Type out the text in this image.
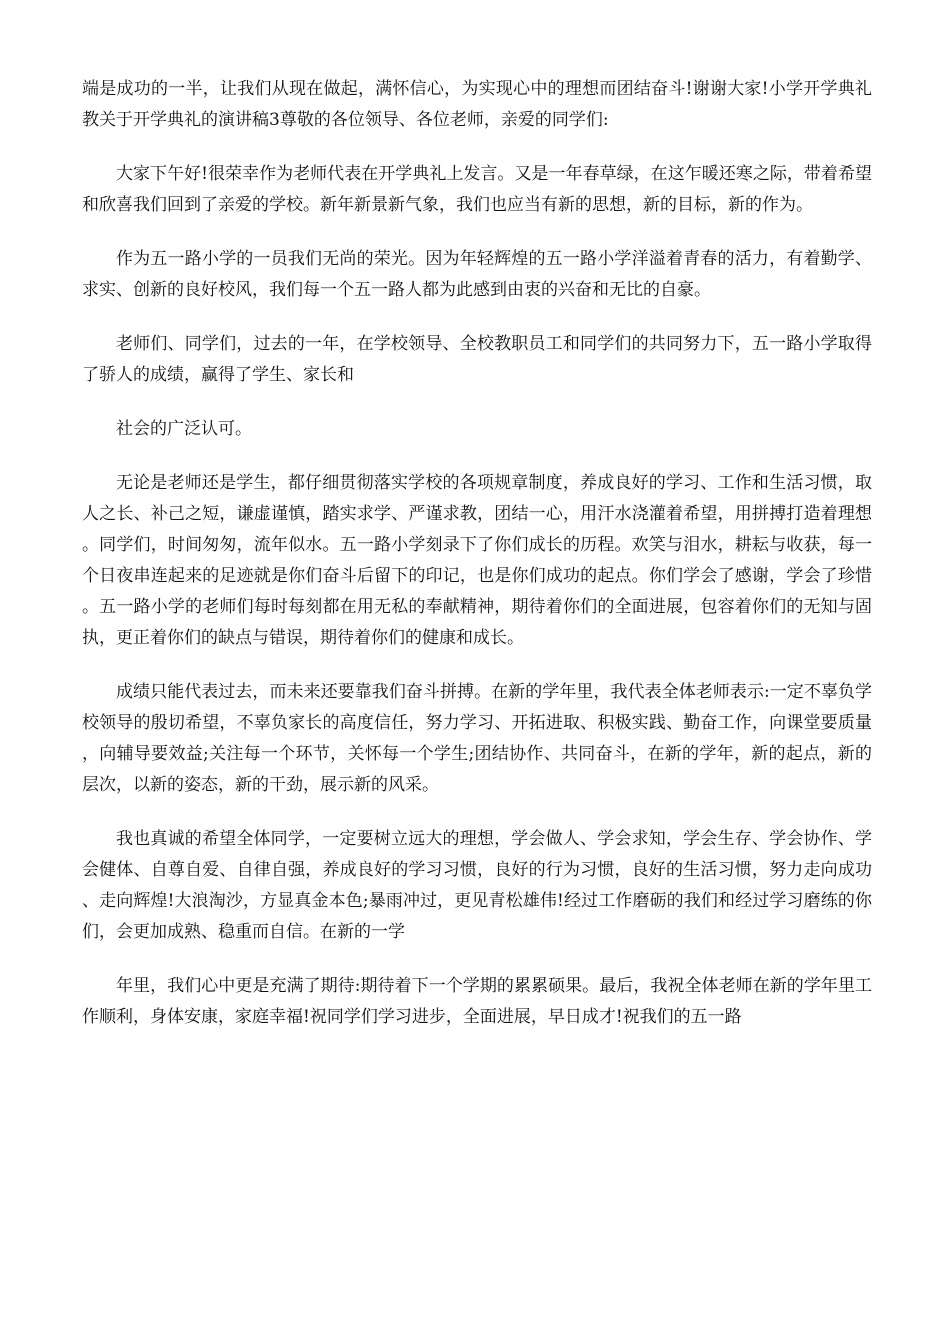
端是成功的一半，让我们从现在做起，满怀信心，为实现心中的理想而团结奋斗!谢谢大家!小学开学典礼教关于开学典礼的演讲稿3尊敬的各位领导、各位老师，亲爱的同学们:

大家下午好!很荣幸作为老师代表在开学典礼上发言。又是一年春草绿，在这乍暖还寒之际，带着希望和欣喜我们回到了亲爱的学校。新年新景新气象，我们也应当有新的思想，新的目标，新的作为。

作为五一路小学的一员我们无尚的荣光。因为年轻辉煌的五一路小学洋溢着青春的活力，有着勤学、求实、创新的良好校风，我们每一个五一路人都为此感到由衷的兴奋和无比的自豪。

老师们、同学们，过去的一年，在学校领导、全校教职员工和同学们的共同努力下，五一路小学取得了骄人的成绩，赢得了学生、家长和

社会的广泛认可。

无论是老师还是学生，都仔细贯彻落实学校的各项规章制度，养成良好的学习、工作和生活习惯，取人之长、补己之短，谦虚谨慎，踏实求学、严谨求教，团结一心，用汗水浇灌着希望，用拼搏打造着理想。同学们，时间匆匆，流年似水。五一路小学刻录下了你们成长的历程。欢笑与泪水，耕耘与收获，每一个日夜串连起来的足迹就是你们奋斗后留下的印记，也是你们成功的起点。你们学会了感谢，学会了珍惜。五一路小学的老师们每时每刻都在用无私的奉献精神，期待着你们的全面进展，包容着你们的无知与固执，更正着你们的缺点与错误，期待着你们的健康和成长。

成绩只能代表过去，而未来还要靠我们奋斗拼搏。在新的学年里，我代表全体老师表示:一定不辜负学校领导的殷切希望，不辜负家长的高度信任，努力学习、开拓进取、积极实践、勤奋工作，向课堂要质量，向辅导要效益;关注每一个环节，关怀每一个学生;团结协作、共同奋斗，在新的学年，新的起点，新的层次，以新的姿态，新的干劲，展示新的风采。

我也真诚的希望全体同学，一定要树立远大的理想，学会做人、学会求知，学会生存、学会协作、学会健体、自尊自爱、自律自强，养成良好的学习习惯，良好的行为习惯，良好的生活习惯，努力走向成功、走向辉煌!大浪淘沙，方显真金本色;暴雨冲过，更见青松雄伟!经过工作磨砺的我们和经过学习磨练的你们，会更加成熟、稳重而自信。在新的一学

年里，我们心中更是充满了期待:期待着下一个学期的累累硕果。最后，我祝全体老师在新的学年里工作顺利，身体安康，家庭幸福!祝同学们学习进步，全面进展，早日成才!祝我们的五一路
